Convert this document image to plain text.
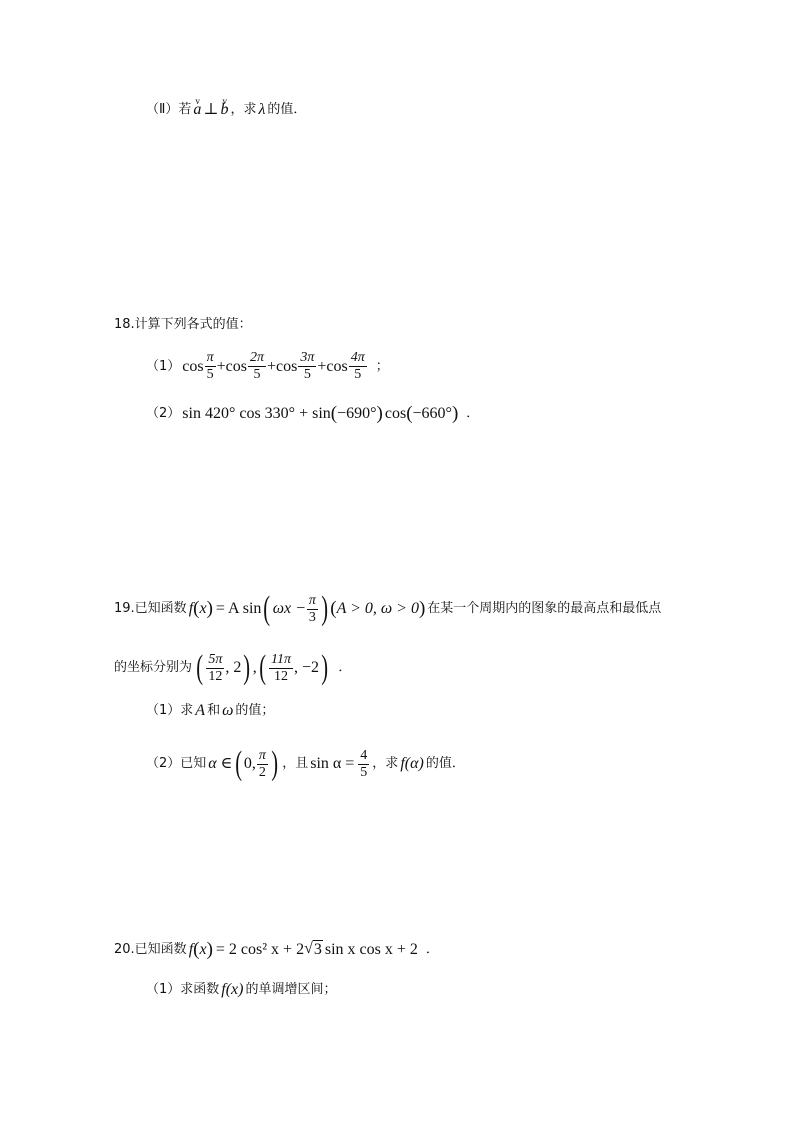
（Ⅱ）若 v a ⊥ v b ，求 λ 的值．
18.计算下列各式的值：
（1） $\cos \frac{\pi}{5} + \cos \frac{2\pi}{5} + \cos \frac{3\pi}{5} + \cos \frac{4\pi}{5}$ ；
（2） sin 420° cos 330° + sin ( −690° ) cos ( −660° ) ．
19.已知函数 f ( x ) = A sin ( $\omega x - \frac{\pi}{3}$ ) ( A > 0, ω > 0 ) 在某一个周期内的图象的最高点和最低点
的坐标分别为 ( $\frac{5\pi}{12}$ , 2 ) , ( $\frac{11\pi}{12}$ , −2 ) ．
（1）求 A 和 ω 的值；
（2）已知 α ∈ ( 0, $\frac{\pi}{2}$ ) ，且 $\sin \alpha = \frac{4}{5}$ ，求 f(α) 的值．
20.已知函数 f ( x ) = 2 cos² x + 2 √ 3 sin x cos x + 2 ．
（1）求函数 f(x) 的单调增区间；
